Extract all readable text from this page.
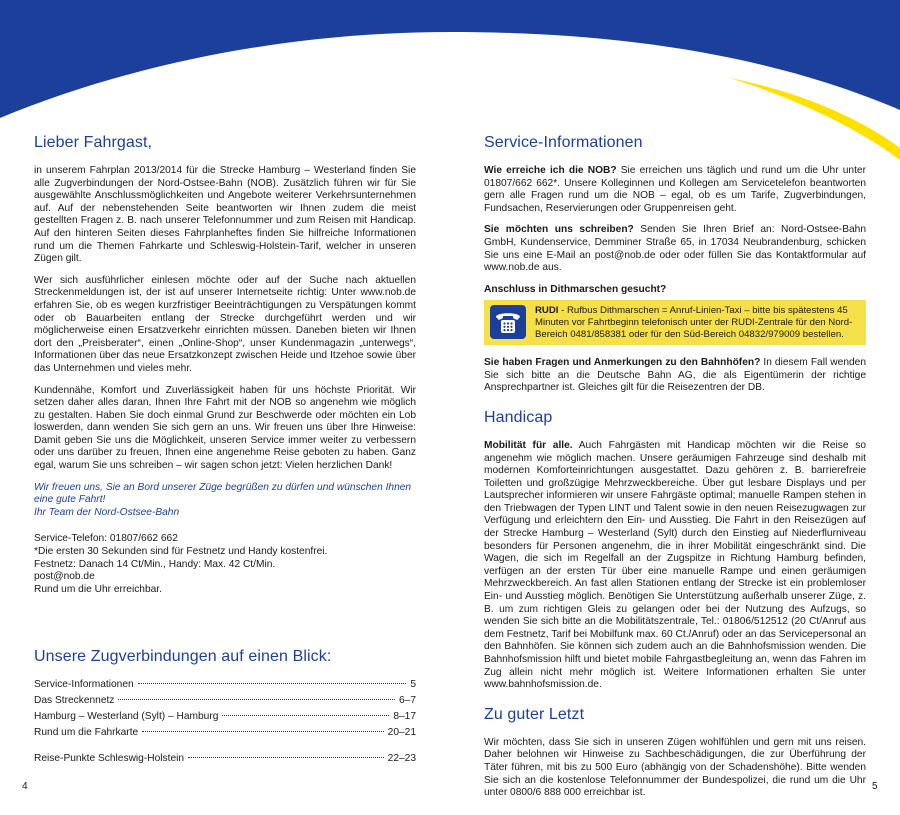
Lieber Fahrgast,

in unserem Fahrplan 2013/2014 für die Strecke Hamburg – Westerland finden Sie alle Zugverbindungen der Nord-Ostsee-Bahn (NOB). Zusätzlich führen wir für Sie ausgewählte Anschlussmöglichkeiten und Angebote weiterer Verkehrsunternehmen auf. Auf der nebenstehenden Seite beantworten wir Ihnen zudem die meist gestellten Fragen z. B. nach unserer Telefonnummer und zum Reisen mit Handicap. Auf den hinteren Seiten dieses Fahrplanheftes finden Sie hilfreiche Informationen rund um die Themen Fahrkarte und Schleswig-Holstein-Tarif, welcher in unseren Zügen gilt.

Wer sich ausführlicher einlesen möchte oder auf der Suche nach aktuellen Streckenmeldungen ist, der ist auf unserer Internetseite richtig: Unter www.nob.de erfahren Sie, ob es wegen kurzfristiger Beeinträchtigungen zu Verspätungen kommt oder ob Bauarbeiten entlang der Strecke durchgeführt werden und wir möglicherweise einen Ersatzverkehr einrichten müssen. Daneben bieten wir Ihnen dort den „Preisberater“, einen „Online-Shop“, unser Kundenmagazin „unterwegs“, Informationen über das neue Ersatzkonzept zwischen Heide und Itzehoe sowie über das Unternehmen und vieles mehr.

Kundennähe, Komfort und Zuverlässigkeit haben für uns höchste Priorität. Wir setzen daher alles daran, Ihnen Ihre Fahrt mit der NOB so angenehm wie möglich zu gestalten. Haben Sie doch einmal Grund zur Beschwerde oder möchten ein Lob loswerden, dann wenden Sie sich gern an uns. Wir freuen uns über Ihre Hinweise: Damit geben Sie uns die Möglichkeit, unseren Service immer weiter zu verbessern oder uns darüber zu freuen, Ihnen eine angenehme Reise geboten zu haben. Ganz egal, warum Sie uns schreiben – wir sagen schon jetzt: Vielen herzlichen Dank!

Wir freuen uns, Sie an Bord unserer Züge begrüßen zu dürfen und wünschen Ihnen eine gute Fahrt!

Ihr Team der Nord-Ostsee-Bahn

Service-Telefon: 01807/662 662

*Die ersten 30 Sekunden sind für Festnetz und Handy kostenfrei.

Festnetz: Danach 14 Ct/Min., Handy: Max. 42 Ct/Min.

post@nob.de

Rund um die Uhr erreichbar.

Unsere Zugverbindungen auf einen Blick:
Service-Informationen	5
Das Streckennetz	6–7
Hamburg – Westerland (Sylt) – Hamburg	8–17
Rund um die Fahrkarte	20–21
Reise-Punkte Schleswig-Holstein	22–23
4
Service-Informationen

Wie erreiche ich die NOB? Sie erreichen uns täglich und rund um die Uhr unter 01807/662 662*. Unsere Kolleginnen und Kollegen am Servicetelefon beantworten gern alle Fragen rund um die NOB – egal, ob es um Tarife, Zugverbindungen, Fundsachen, Reservierungen oder Gruppenreisen geht.

Sie möchten uns schreiben? Senden Sie Ihren Brief an: Nord-Ostsee-Bahn GmbH, Kundenservice, Demminer Straße 65, in 17034 Neubrandenburg, schicken Sie uns eine E-Mail an post@nob.de oder oder füllen Sie das Kontaktformular auf www.nob.de aus.

Anschluss in Dithmarschen gesucht?

RUDI - Rufbus Dithmarschen = Anruf-Linien-Taxi – bitte bis spätestens 45 Minuten vor Fahrtbeginn telefonisch unter der RUDI-Zentrale für den Nord-Bereich 0481/858381 oder für den Süd-Bereich 04832/979009 bestellen.

Sie haben Fragen und Anmerkungen zu den Bahnhöfen? In diesem Fall wenden Sie sich bitte an die Deutsche Bahn AG, die als Eigentümerin der richtige Ansprechpartner ist. Gleiches gilt für die Reisezentren der DB.

Handicap

Mobilität für alle. Auch Fahrgästen mit Handicap möchten wir die Reise so angenehm wie möglich machen. Unsere geräumigen Fahrzeuge sind deshalb mit modernen Komforteinrichtungen ausgestattet. Dazu gehören z. B. barrierefreie Toiletten und großzügige Mehrzweckbereiche. Über gut lesbare Displays und per Lautsprecher informieren wir unsere Fahrgäste optimal; manuelle Rampen stehen in den Triebwagen der Typen LINT und Talent sowie in den neuen Reisezugwagen zur Verfügung und erleichtern den Ein- und Ausstieg. Die Fahrt in den Reisezügen auf der Strecke Hamburg – Westerland (Sylt) durch den Einstieg auf Niederflurniveau besonders für Personen angenehm, die in ihrer Mobilität eingeschränkt sind. Die Wagen, die sich im Regelfall an der Zugspitze in Richtung Hamburg befinden, verfügen an der ersten Tür über eine manuelle Rampe und einen geräumigen Mehrzweckbereich. An fast allen Stationen entlang der Strecke ist ein problemloser Ein- und Ausstieg möglich. Benötigen Sie Unterstützung außerhalb unserer Züge, z. B. um zum richtigen Gleis zu gelangen oder bei der Nutzung des Aufzugs, so wenden Sie sich bitte an die Mobilitätszentrale, Tel.: 01806/512512 (20 Ct/Anruf aus dem Festnetz, Tarif bei Mobilfunk max. 60 Ct./Anruf) oder an das Servicepersonal an den Bahnhöfen. Sie können sich zudem auch an die Bahnhofsmission wenden. Die Bahnhofsmission hilft und bietet mobile Fahrgastbegleitung an, wenn das Fahren im Zug allein nicht mehr möglich ist. Weitere Informationen erhalten Sie unter www.bahnhofsmission.de.

Zu guter Letzt

Wir möchten, dass Sie sich in unseren Zügen wohlfühlen und gern mit uns reisen. Daher belohnen wir Hinweise zu Sachbeschädigungen, die zur Überführung der Täter führen, mit bis zu 500 Euro (abhängig von der Schadenshöhe). Bitte wenden Sie sich an die kostenlose Telefonnummer der Bundespolizei, die rund um die Uhr unter 0800/6 888 000 erreichbar ist.

5
